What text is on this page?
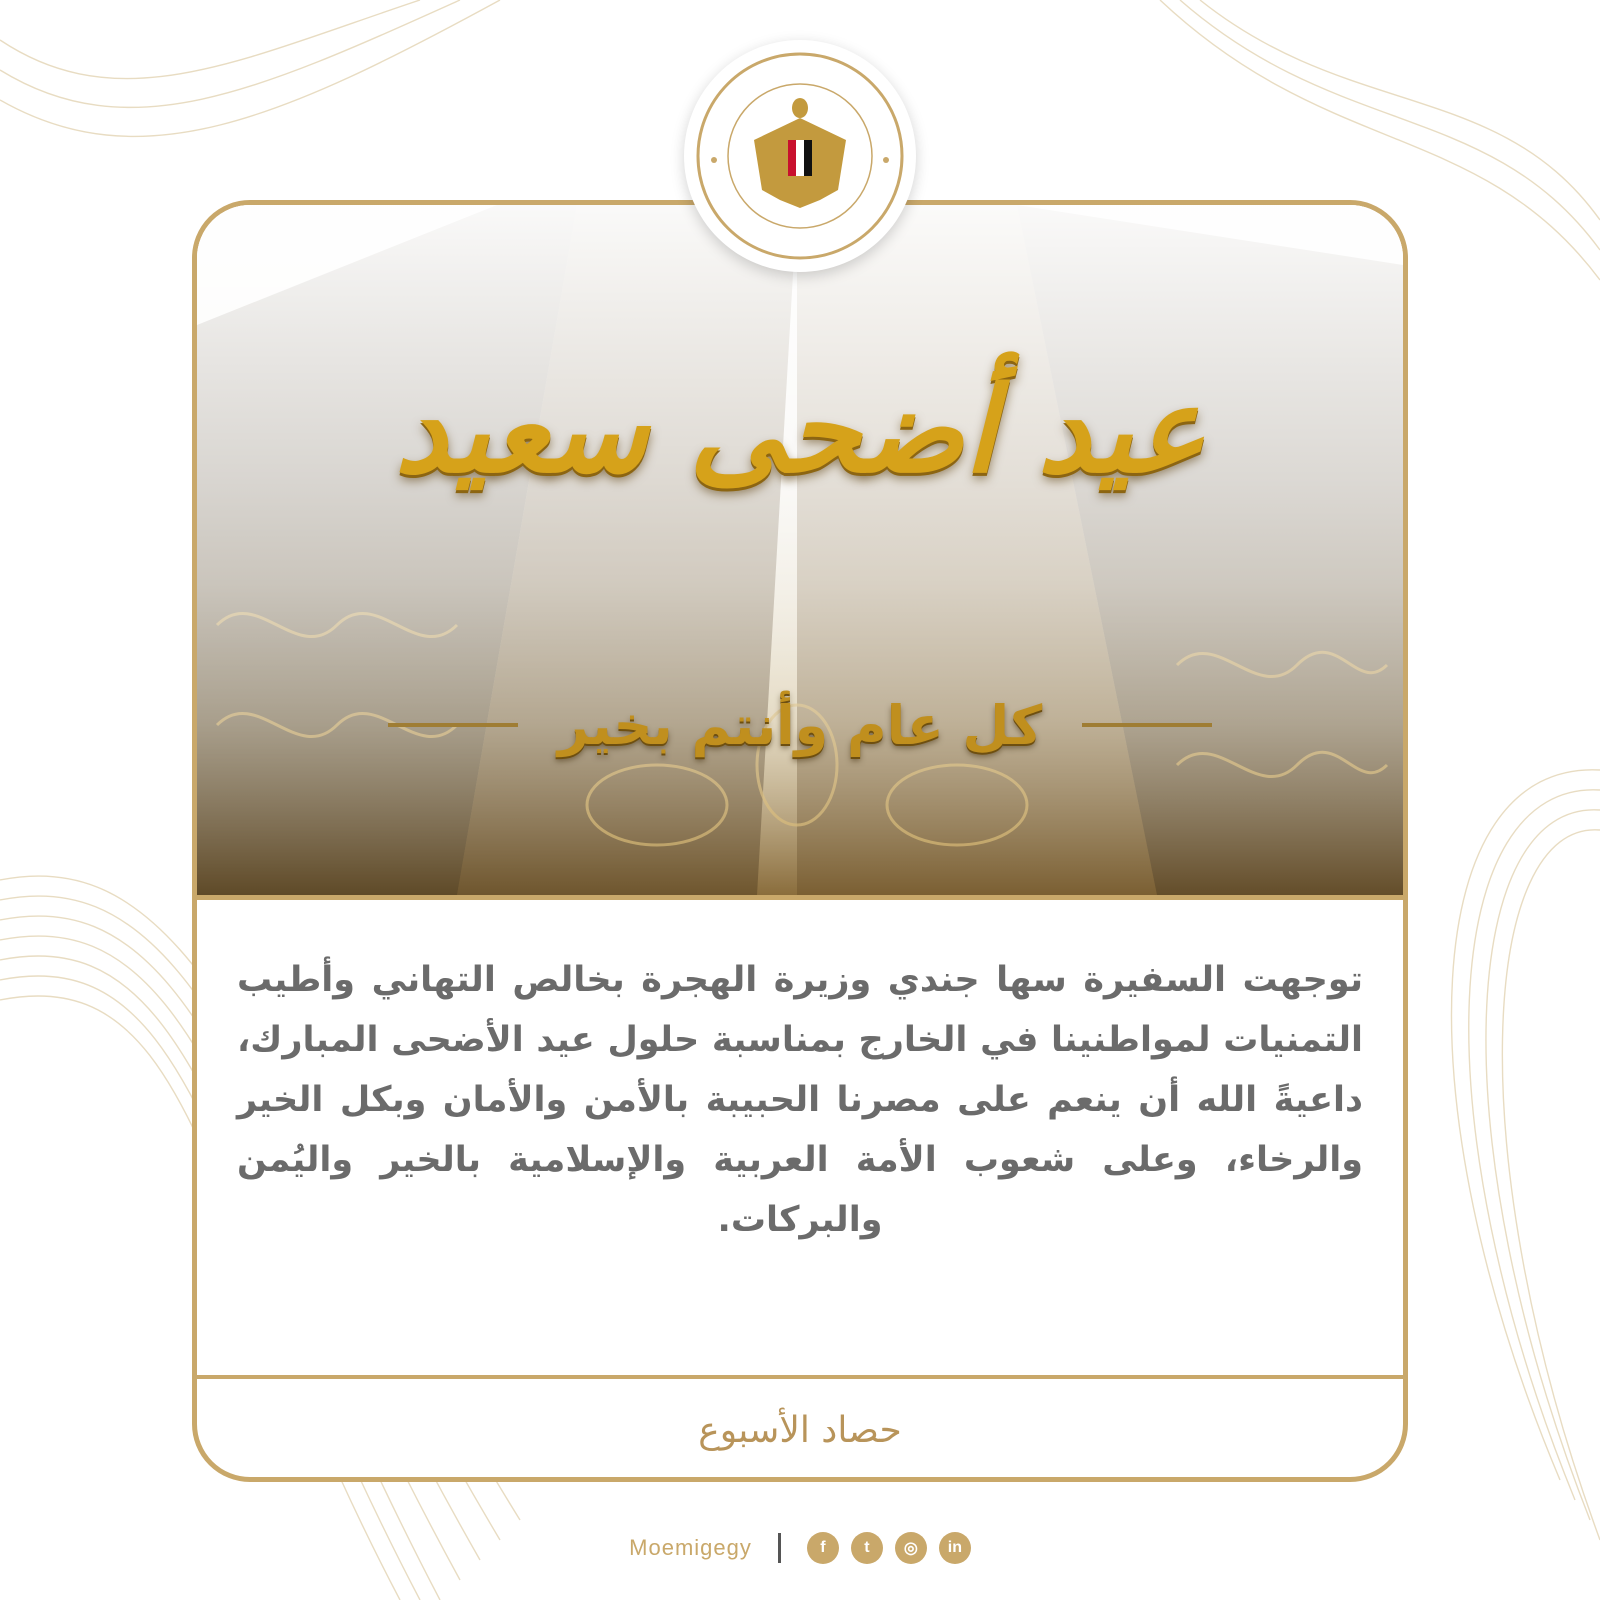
عيد أضحى سعيد
كل عام وأنتم بخير
توجهت السفيرة سها جندي وزيرة الهجرة بخالص التهاني وأطيب التمنيات لمواطنينا في الخارج بمناسبة حلول عيد الأضحى المبارك، داعيةً الله أن ينعم على مصرنا الحبيبة بالأمن والأمان وبكل الخير والرخاء، وعلى شعوب الأمة العربية والإسلامية بالخير واليُمن والبركات.
حصاد الأسبوع
Moemigegy	f	t	◎	in
